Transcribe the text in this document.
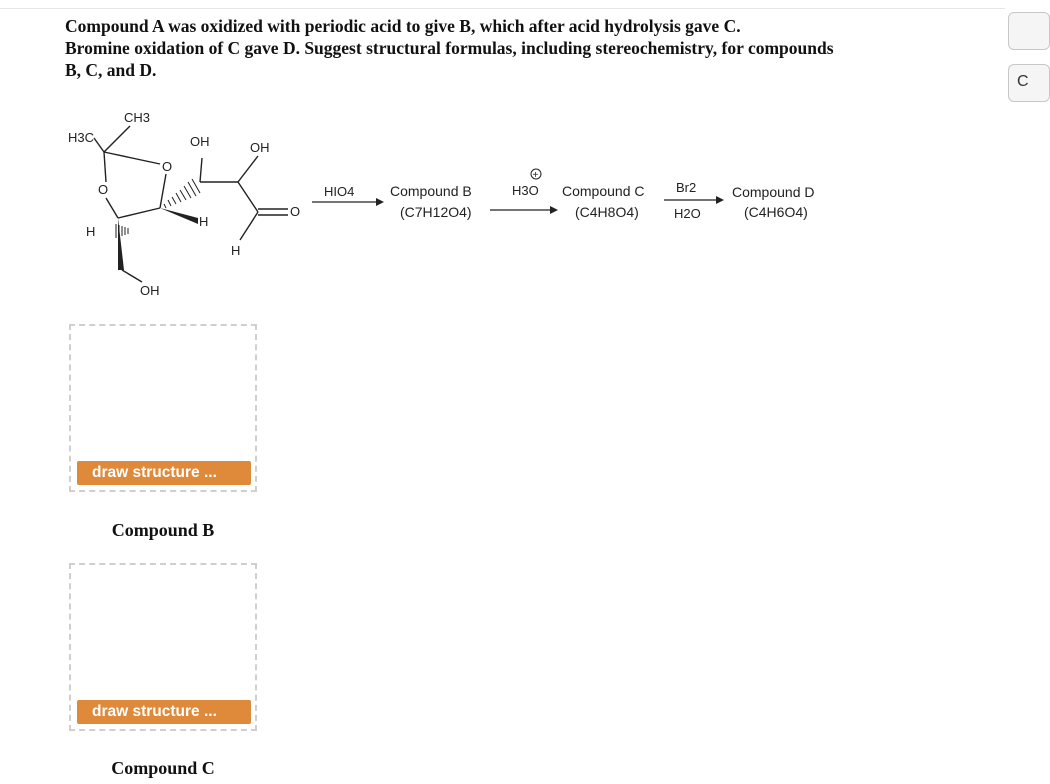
Compound A was oxidized with periodic acid to give B, which after acid hydrolysis gave C.
Bromine oxidation of C gave D. Suggest structural formulas, including stereochemistry, for compounds
B, C, and D.
C
CH3
H3C
O
O
OH	OH
H
H
O
H
OH
HIO4	Compound B
(C7H12O4)
+
H3O Compound C
(C4H8O4)
Br2
H2O
Compound D
(C4H6O4)
draw structure ...
Compound B
draw structure ...
Compound C
